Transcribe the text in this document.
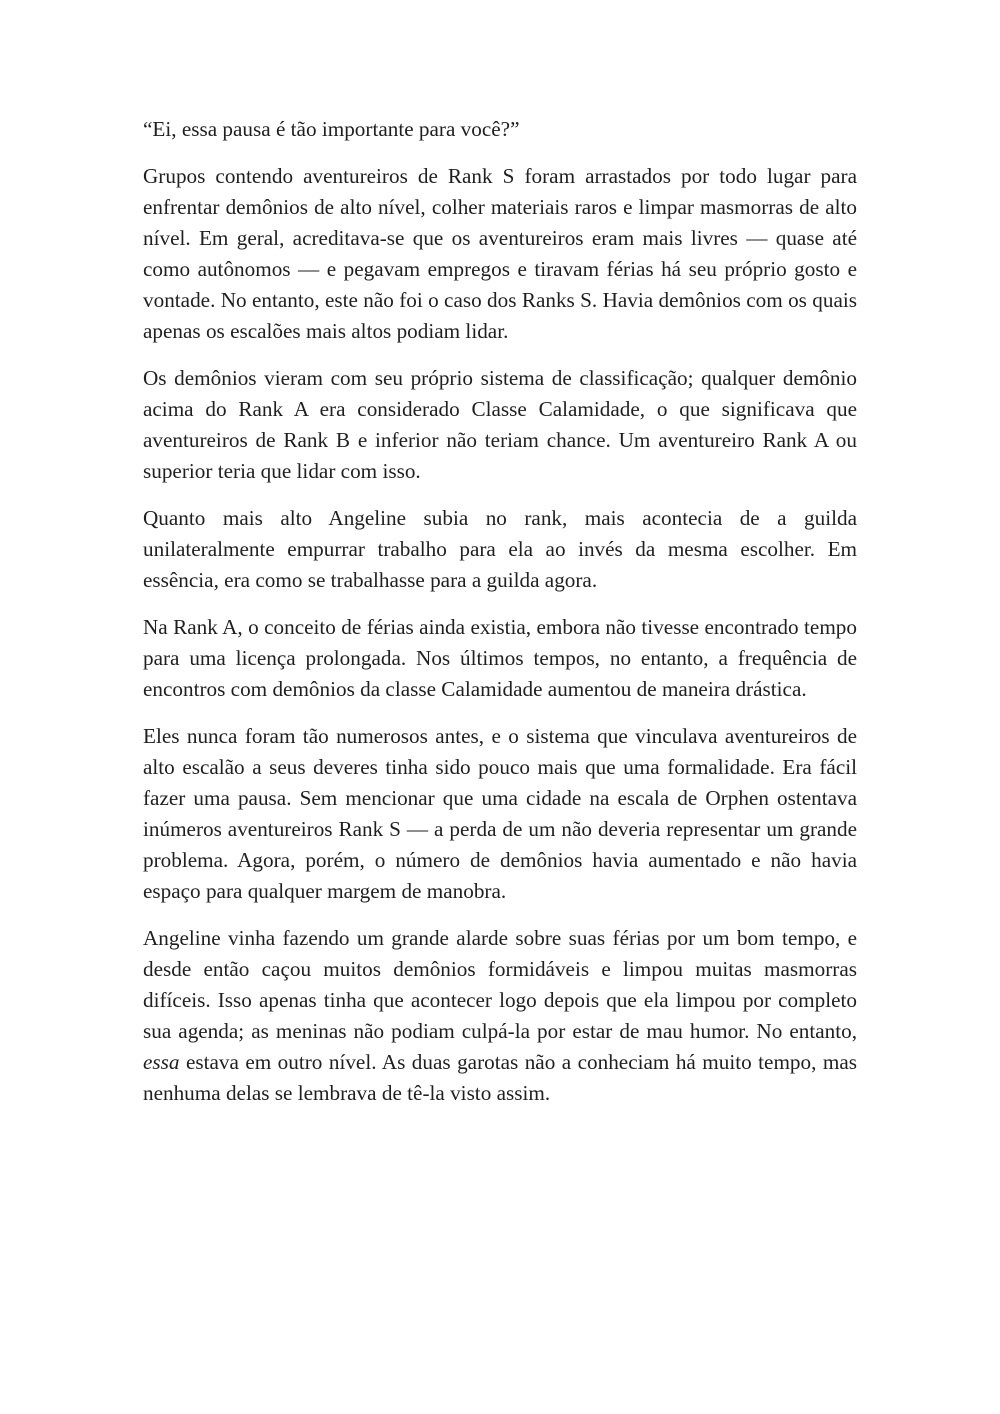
“Ei, essa pausa é tão importante para você?”

Grupos contendo aventureiros de Rank S foram arrastados por todo lugar para enfrentar demônios de alto nível, colher materiais raros e limpar masmorras de alto nível. Em geral, acreditava-se que os aventureiros eram mais livres — quase até como autônomos — e pegavam empregos e tiravam férias há seu próprio gosto e vontade. No entanto, este não foi o caso dos Ranks S. Havia demônios com os quais apenas os escalões mais altos podiam lidar.

Os demônios vieram com seu próprio sistema de classificação; qualquer demônio acima do Rank A era considerado Classe Calamidade, o que significava que aventureiros de Rank B e inferior não teriam chance. Um aventureiro Rank A ou superior teria que lidar com isso.

Quanto mais alto Angeline subia no rank, mais acontecia de a guilda unilateralmente empurrar trabalho para ela ao invés da mesma escolher. Em essência, era como se trabalhasse para a guilda agora.

Na Rank A, o conceito de férias ainda existia, embora não tivesse encontrado tempo para uma licença prolongada. Nos últimos tempos, no entanto, a frequência de encontros com demônios da classe Calamidade aumentou de maneira drástica.

Eles nunca foram tão numerosos antes, e o sistema que vinculava aventureiros de alto escalão a seus deveres tinha sido pouco mais que uma formalidade. Era fácil fazer uma pausa. Sem mencionar que uma cidade na escala de Orphen ostentava inúmeros aventureiros Rank S — a perda de um não deveria representar um grande problema. Agora, porém, o número de demônios havia aumentado e não havia espaço para qualquer margem de manobra.

Angeline vinha fazendo um grande alarde sobre suas férias por um bom tempo, e desde então caçou muitos demônios formidáveis e limpou muitas masmorras difíceis. Isso apenas tinha que acontecer logo depois que ela limpou por completo sua agenda; as meninas não podiam culpá-la por estar de mau humor. No entanto, essa estava em outro nível. As duas garotas não a conheciam há muito tempo, mas nenhuma delas se lembrava de tê-la visto assim.
